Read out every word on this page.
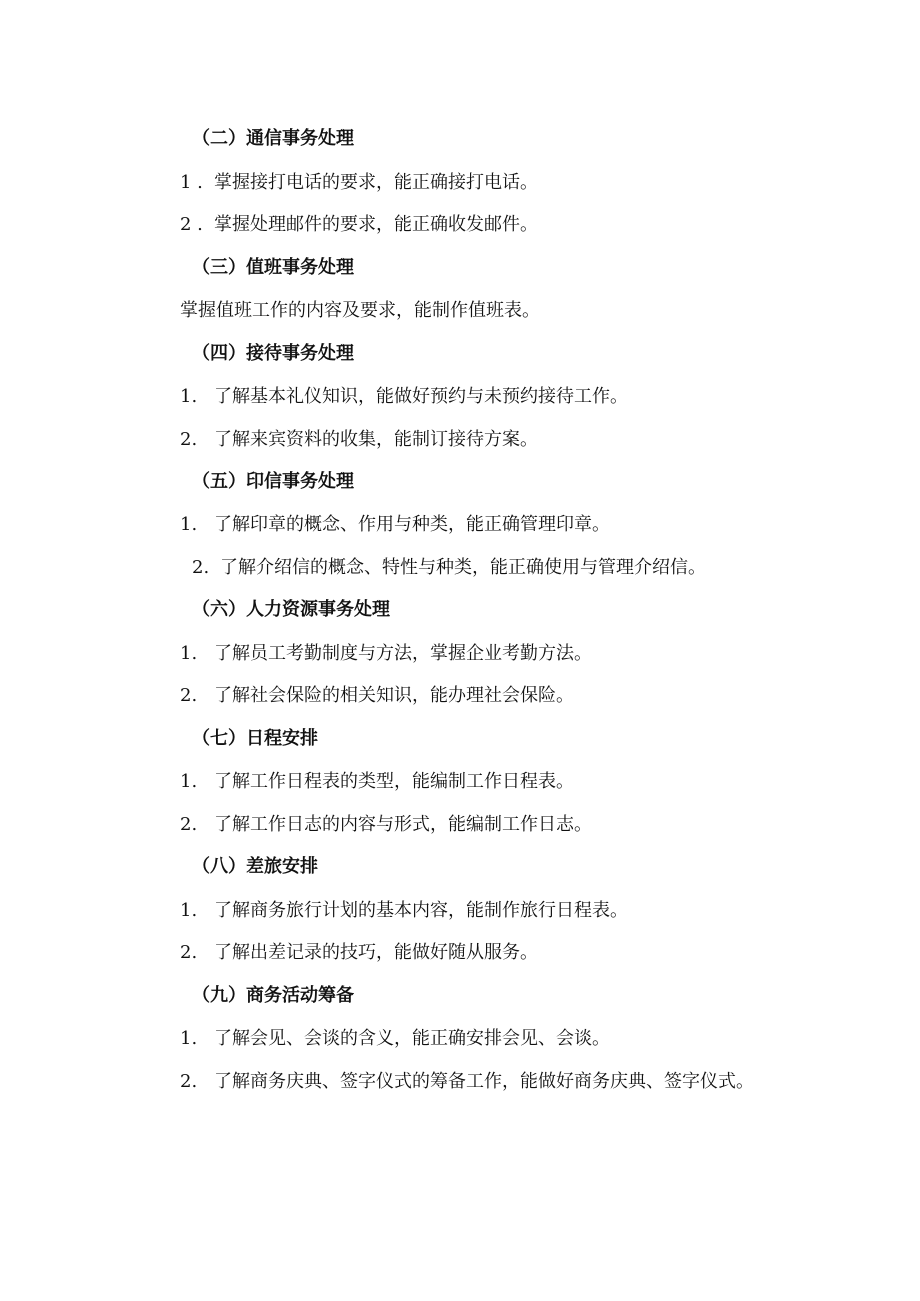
（二）通信事务处理
1 . 掌握接打电话的要求，能正确接打电话。
2 . 掌握处理邮件的要求，能正确收发邮件。
（三）值班事务处理
掌握值班工作的内容及要求，能制作值班表。
（四）接待事务处理
1. 了解基本礼仪知识，能做好预约与未预约接待工作。
2. 了解来宾资料的收集，能制订接待方案。
（五）印信事务处理
1. 了解印章的概念、作用与种类，能正确管理印章。
2. 了解介绍信的概念、特性与种类，能正确使用与管理介绍信。
（六）人力资源事务处理
1. 了解员工考勤制度与方法，掌握企业考勤方法。
2. 了解社会保险的相关知识，能办理社会保险。
（七）日程安排
1. 了解工作日程表的类型，能编制工作日程表。
2. 了解工作日志的内容与形式，能编制工作日志。
（八）差旅安排
1. 了解商务旅行计划的基本内容，能制作旅行日程表。
2. 了解出差记录的技巧，能做好随从服务。
（九）商务活动筹备
1. 了解会见、会谈的含义，能正确安排会见、会谈。
2. 了解商务庆典、签字仪式的筹备工作，能做好商务庆典、签字仪式。
